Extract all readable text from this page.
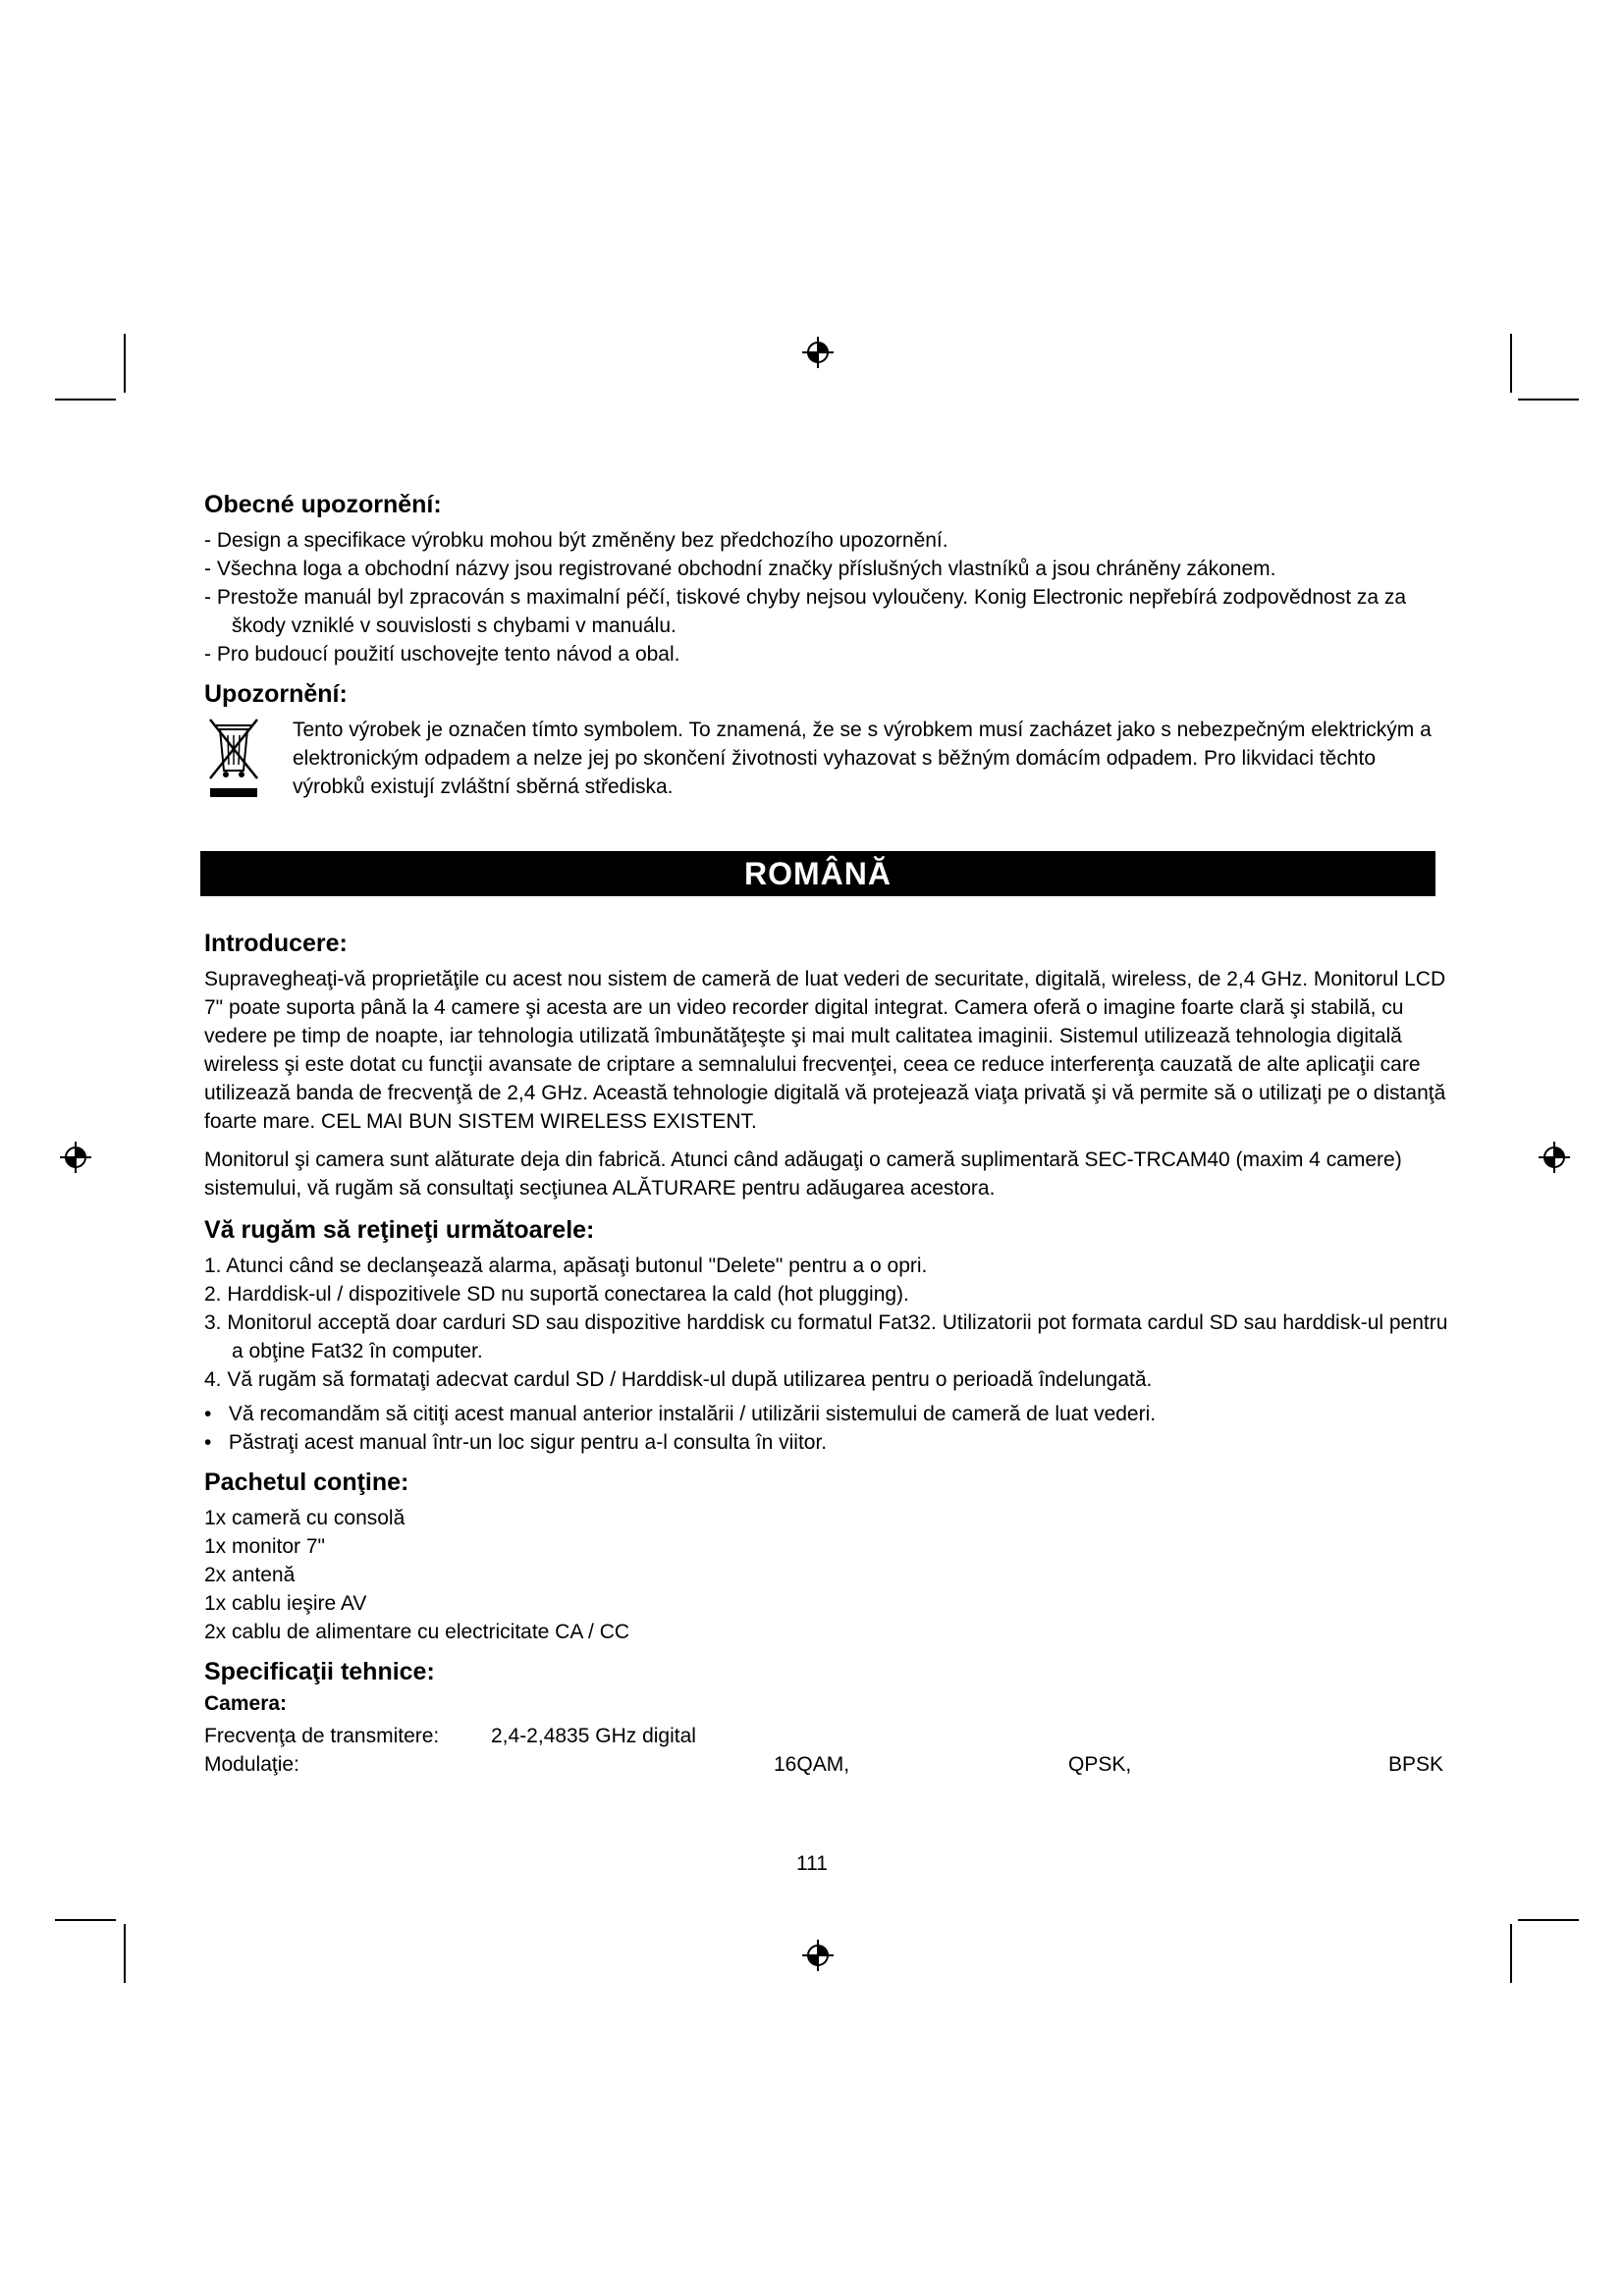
Obecné upozornění:
- Design a specifikace výrobku mohou být změněny bez předchozího upozornění.
- Všechna loga a obchodní názvy jsou registrované obchodní značky příslušných vlastníků a jsou chráněny zákonem.
- Prestože manuál byl zpracován s maximalní péčí, tiskové chyby nejsou vyloučeny. Konig Electronic nepřebírá zodpovědnost za za škody vzniklé v souvislosti s chybami v manuálu.
- Pro budoucí použití uschovejte tento návod a obal.
Upozornění:

Tento výrobek je označen tímto symbolem. To znamená, že se s výrobkem musí zacházet jako s nebezpečným elektrickým a elektronickým odpadem a nelze jej po skončení životnosti vyhazovat s běžným domácím odpadem. Pro likvidaci těchto výrobků existují zvláštní sběrná střediska.

ROMÂNĂ
Introducere:

Supravegheaţi-vă proprietăţile cu acest nou sistem de cameră de luat vederi de securitate, digitală, wireless, de 2,4 GHz. Monitorul LCD 7" poate suporta până la 4 camere şi acesta are un video recorder digital integrat. Camera oferă o imagine foarte clară şi stabilă, cu vedere pe timp de noapte, iar tehnologia utilizată îmbunătăţeşte şi mai mult calitatea imaginii. Sistemul utilizează tehnologia digitală wireless şi este dotat cu funcţii avansate de criptare a semnalului frecvenţei, ceea ce reduce interferenţa cauzată de alte aplicaţii care utilizează banda de frecvenţă de 2,4 GHz. Această tehnologie digitală vă protejează viaţa privată şi vă permite să o utilizaţi pe o distanţă foarte mare. CEL MAI BUN SISTEM WIRELESS EXISTENT.

Monitorul şi camera sunt alăturate deja din fabrică. Atunci când adăugaţi o cameră suplimentară SEC-TRCAM40 (maxim 4 camere) sistemului, vă rugăm să consultaţi secţiunea ALĂTURARE pentru adăugarea acestora.

Vă rugăm să reţineţi următoarele:
1. Atunci când se declanşează alarma, apăsaţi butonul "Delete" pentru a o opri.
2. Harddisk-ul / dispozitivele SD nu suportă conectarea la cald (hot plugging).
3. Monitorul acceptă doar carduri SD sau dispozitive harddisk cu formatul Fat32. Utilizatorii pot formata cardul SD sau harddisk-ul pentru a obţine Fat32 în computer.
4. Vă rugăm să formataţi adecvat cardul SD / Harddisk-ul după utilizarea pentru o perioadă îndelungată.
•   Vă recomandăm să citiţi acest manual anterior instalării / utilizării sistemului de cameră de luat vederi.
•   Păstraţi acest manual într-un loc sigur pentru a-l consulta în viitor.
Pachetul conţine:
1x cameră cu consolă
1x monitor 7"
2x antenă
1x cablu ieşire AV
2x cablu de alimentare cu electricitate CA / CC
Specificaţii tehnice:
Camera:
Frecvenţa de transmitere:	2,4-2,4835 GHz digital
Modulaţie:	16QAM,	QPSK,	BPSK
111
